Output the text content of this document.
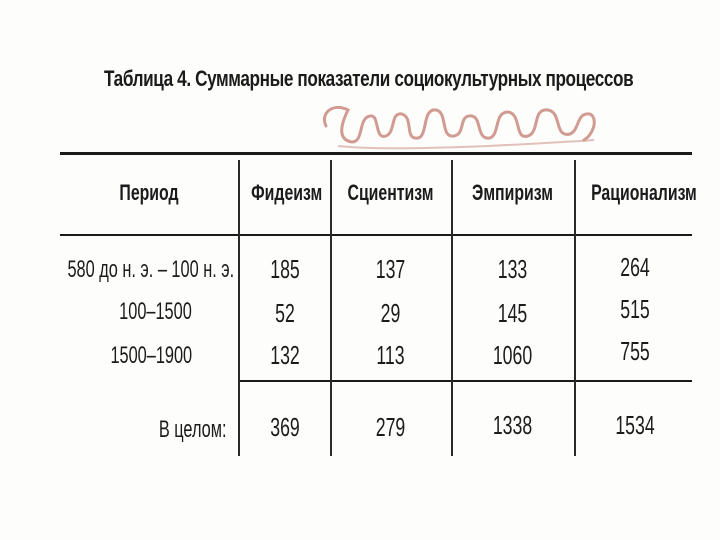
Таблица 4. Суммарные показатели социокультурных процессов
Период	Фидеизм Сциентизм Эмпиризм Рационализм
580 до н. э. – 100 н. э.
100–1500
1500–1900
В целом:
185
52
132
369
137
29
113
279
133
145
1060
1338
264
515
755
1534
